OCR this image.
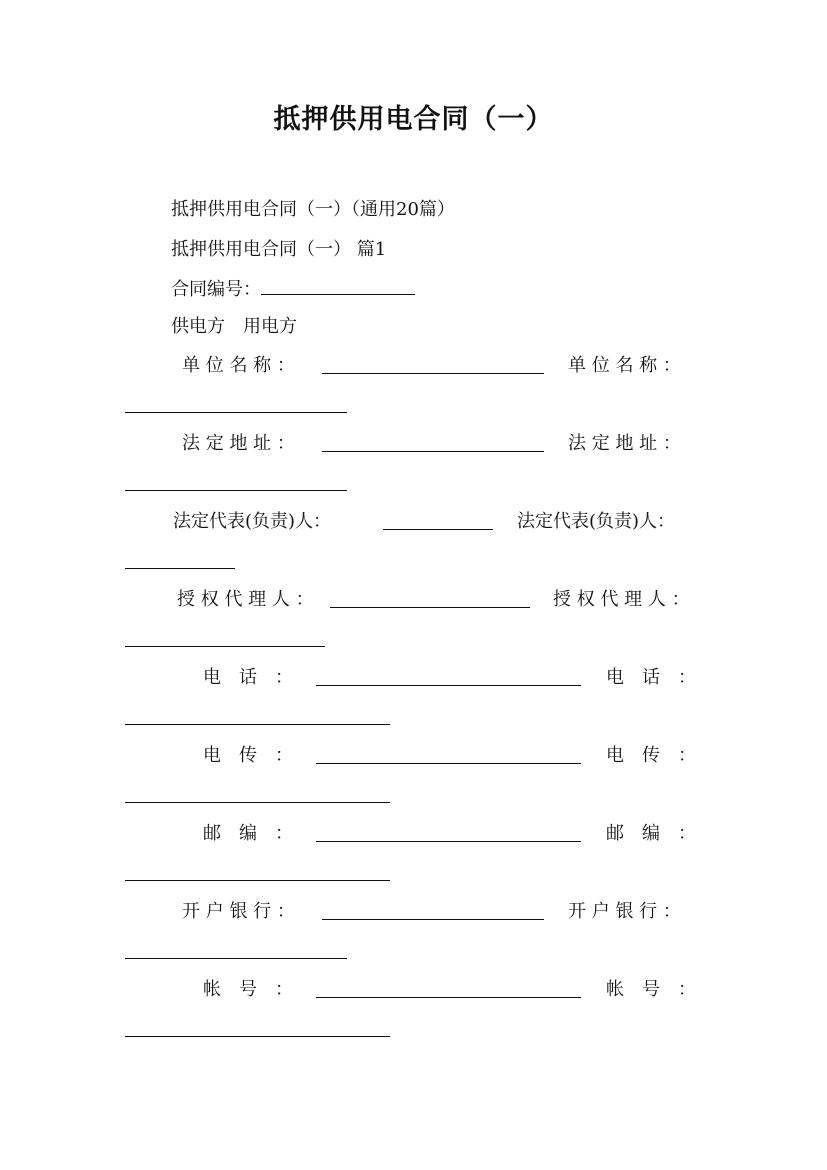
抵押供用电合同（一）
抵押供用电合同（一）（通用20篇）
抵押供用电合同（一） 篇1
合同编号：
供电方　用电方
单 位 名 称 ：	单 位 名 称 ：
法 定 地 址 ：	法 定 地 址 ：
法定代表(负责)人：	法定代表(负责)人：
授 权 代 理 人 ：	授 权 代 理 人 ：
电　话　：	电　话　：
电　传　：	电　传　：
邮　编　：	邮　编　：
开 户 银 行 ：	开 户 银 行 ：
帐　号　：	帐　号　：
